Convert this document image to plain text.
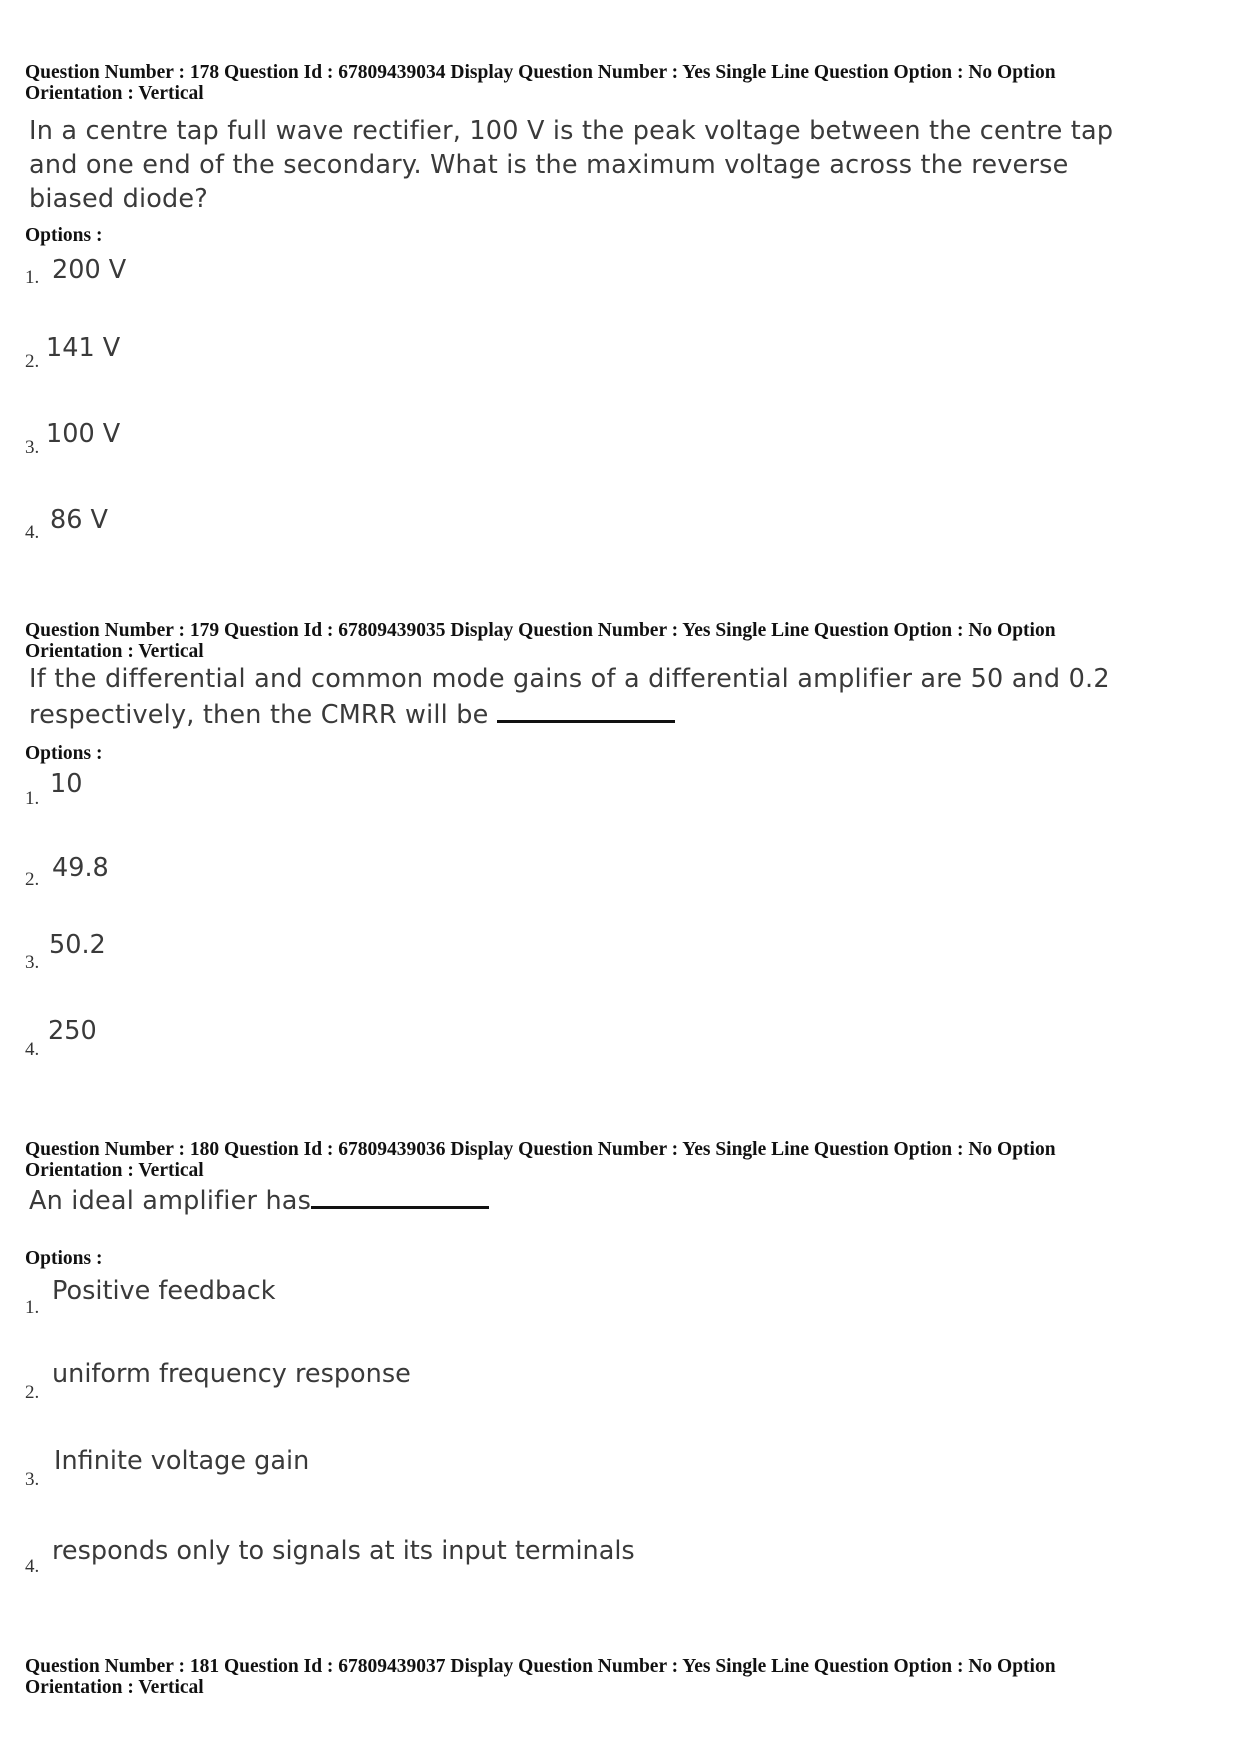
Question Number : 178 Question Id : 67809439034 Display Question Number : Yes Single Line Question Option : No Option
Orientation : Vertical
In a centre tap full wave rectifier, 100 V is the peak voltage between the centre tap
and one end of the secondary. What is the maximum voltage across the reverse
biased diode?
Options :
1. 200 V
2. 141 V
3. 100 V
4. 86 V
Question Number : 179 Question Id : 67809439035 Display Question Number : Yes Single Line Question Option : No Option
Orientation : Vertical
If the differential and common mode gains of a differential amplifier are 50 and 0.2
respectively, then the CMRR will be
Options :
1. 10
2. 49.8
3.
50.2
4.
250
Question Number : 180 Question Id : 67809439036 Display Question Number : Yes Single Line Question Option : No Option
Orientation : Vertical
An ideal amplifier has
Options :
1.
Positive feedback
2.
uniform frequency response
3.
Infinite voltage gain
4.
responds only to signals at its input terminals
Question Number : 181 Question Id : 67809439037 Display Question Number : Yes Single Line Question Option : No Option
Orientation : Vertical
